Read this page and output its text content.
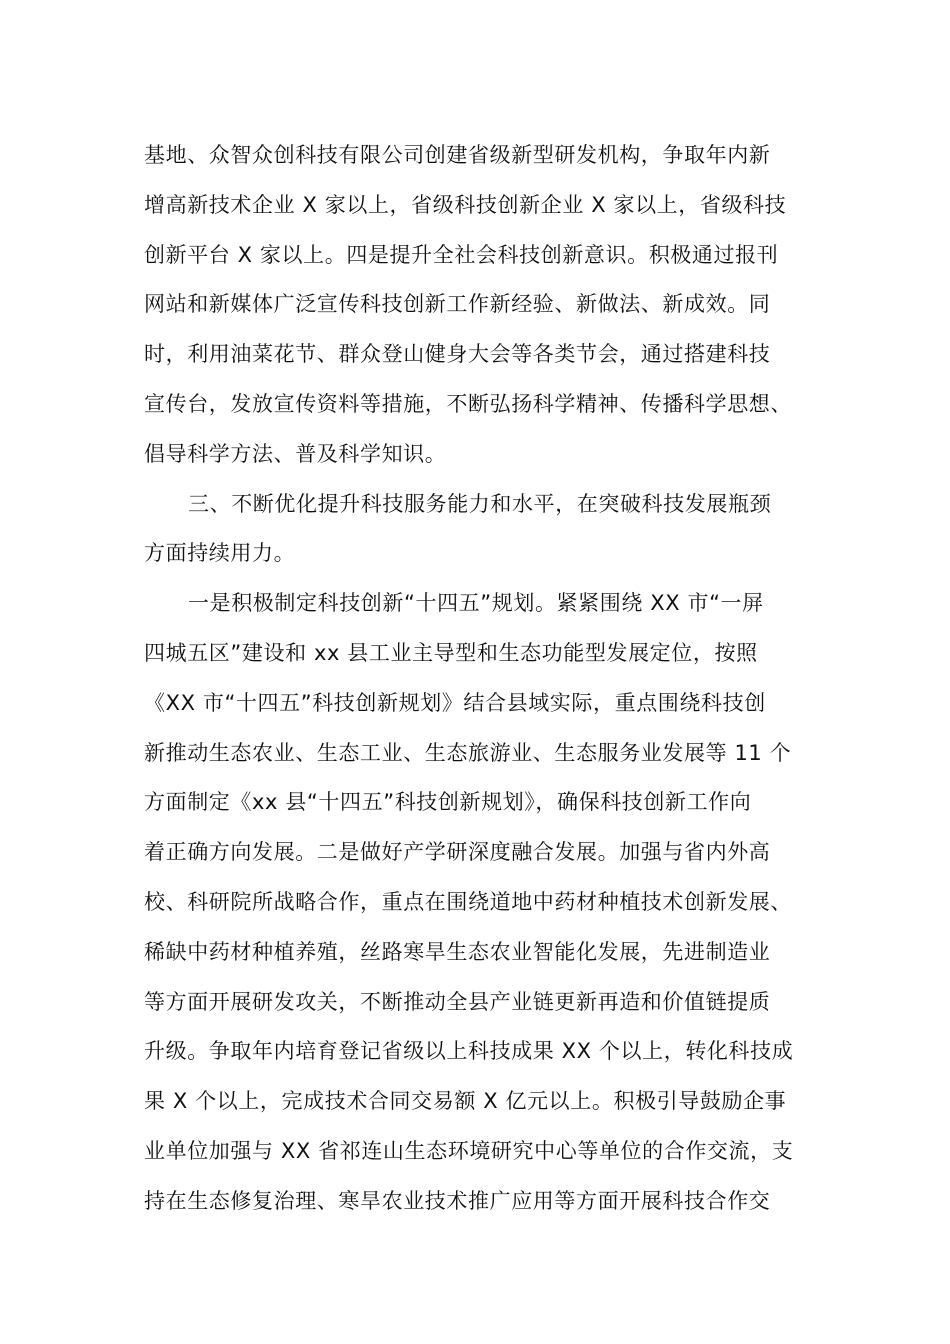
基地、众智众创科技有限公司创建省级新型研发机构，争取年内新
增高新技术企业 X 家以上，省级科技创新企业 X 家以上，省级科技
创新平台 X 家以上。四是提升全社会科技创新意识。积极通过报刊
网站和新媒体广泛宣传科技创新工作新经验、新做法、新成效。同
时，利用油菜花节、群众登山健身大会等各类节会，通过搭建科技
宣传台，发放宣传资料等措施，不断弘扬科学精神、传播科学思想、
倡导科学方法、普及科学知识。
三、不断优化提升科技服务能力和水平，在突破科技发展瓶颈
方面持续用力。
一是积极制定科技创新“十四五”规划。紧紧围绕 XX 市“一屏
四城五区”建设和 xx 县工业主导型和生态功能型发展定位，按照
《XX 市“十四五”科技创新规划》结合县域实际，重点围绕科技创
新推动生态农业、生态工业、生态旅游业、生态服务业发展等 11 个
方面制定《xx 县“十四五”科技创新规划》，确保科技创新工作向
着正确方向发展。二是做好产学研深度融合发展。加强与省内外高
校、科研院所战略合作，重点在围绕道地中药材种植技术创新发展、
稀缺中药材种植养殖，丝路寒旱生态农业智能化发展，先进制造业
等方面开展研发攻关，不断推动全县产业链更新再造和价值链提质
升级。争取年内培育登记省级以上科技成果 XX 个以上，转化科技成
果 X 个以上，完成技术合同交易额 X 亿元以上。积极引导鼓励企事
业单位加强与 XX 省祁连山生态环境研究中心等单位的合作交流，支
持在生态修复治理、寒旱农业技术推广应用等方面开展科技合作交
